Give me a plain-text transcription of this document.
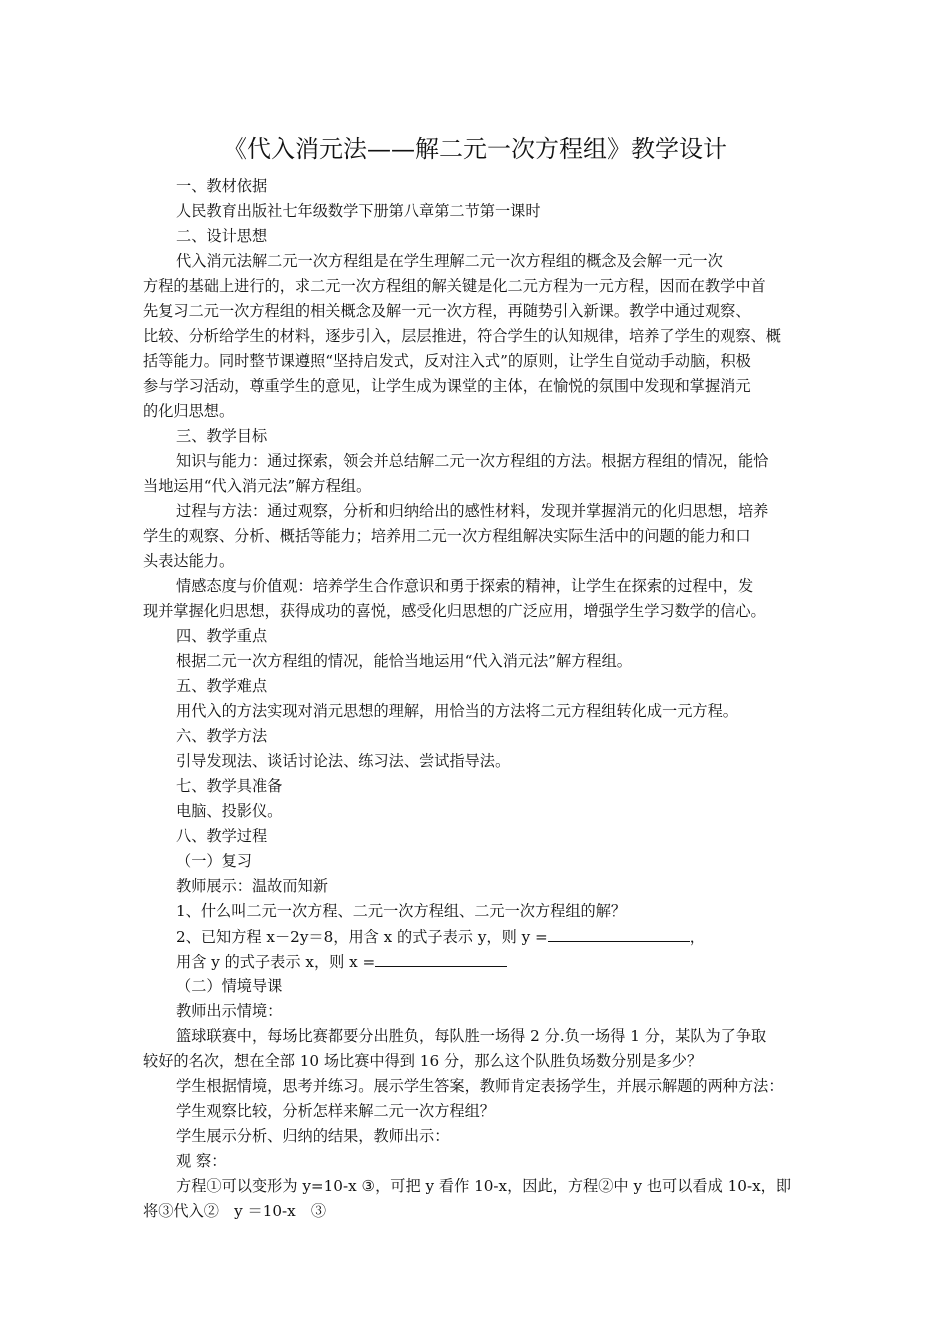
《代入消元法——解二元一次方程组》教学设计

一、教材依据

人民教育出版社七年级数学下册第八章第二节第一课时

二、设计思想

代入消元法解二元一次方程组是在学生理解二元一次方程组的概念及会解一元一次

方程的基础上进行的，求二元一次方程组的解关键是化二元方程为一元方程，因而在教学中首

先复习二元一次方程组的相关概念及解一元一次方程，再随势引入新课。教学中通过观察、

比较、分析给学生的材料，逐步引入，层层推进，符合学生的认知规律，培养了学生的观察、概

括等能力。同时整节课遵照“坚持启发式，反对注入式”的原则，让学生自觉动手动脑，积极

参与学习活动，尊重学生的意见，让学生成为课堂的主体，在愉悦的氛围中发现和掌握消元

的化归思想。

三、教学目标

知识与能力：通过探索，领会并总结解二元一次方程组的方法。根据方程组的情况，能恰

当地运用“代入消元法”解方程组。

过程与方法：通过观察，分析和归纳给出的感性材料，发现并掌握消元的化归思想，培养

学生的观察、分析、概括等能力；培养用二元一次方程组解决实际生活中的问题的能力和口

头表达能力。

情感态度与价值观：培养学生合作意识和勇于探索的精神，让学生在探索的过程中，发

现并掌握化归思想，获得成功的喜悦，感受化归思想的广泛应用，增强学生学习数学的信心。

四、教学重点

根据二元一次方程组的情况，能恰当地运用“代入消元法”解方程组。

五、教学难点

用代入的方法实现对消元思想的理解，用恰当的方法将二元方程组转化成一元方程。

六、教学方法

引导发现法、谈话讨论法、练习法、尝试指导法。

七、教学具准备

电脑、投影仪。

八、教学过程

（一）复习

教师展示：温故而知新

1、什么叫二元一次方程、二元一次方程组、二元一次方程组的解？

2、已知方程 x－2y＝8，用含 x 的式子表示 y，则 y =	，

用含 y 的式子表示 x，则 x =

（二）情境导课

教师出示情境：

篮球联赛中，每场比赛都要分出胜负，每队胜一场得 2 分.负一场得 1 分，某队为了争取

较好的名次，想在全部 10 场比赛中得到 16 分，那么这个队胜负场数分别是多少？

学生根据情境，思考并练习。展示学生答案，教师肯定表扬学生，并展示解题的两种方法：

学生观察比较，分析怎样来解二元一次方程组？

学生展示分析、归纳的结果，教师出示：

观 察：

方程①可以变形为 y=10-x ③，可把 y 看作 10-x，因此，方程②中 y 也可以看成 10-x，即

将③代入②　y ＝10-x　③
